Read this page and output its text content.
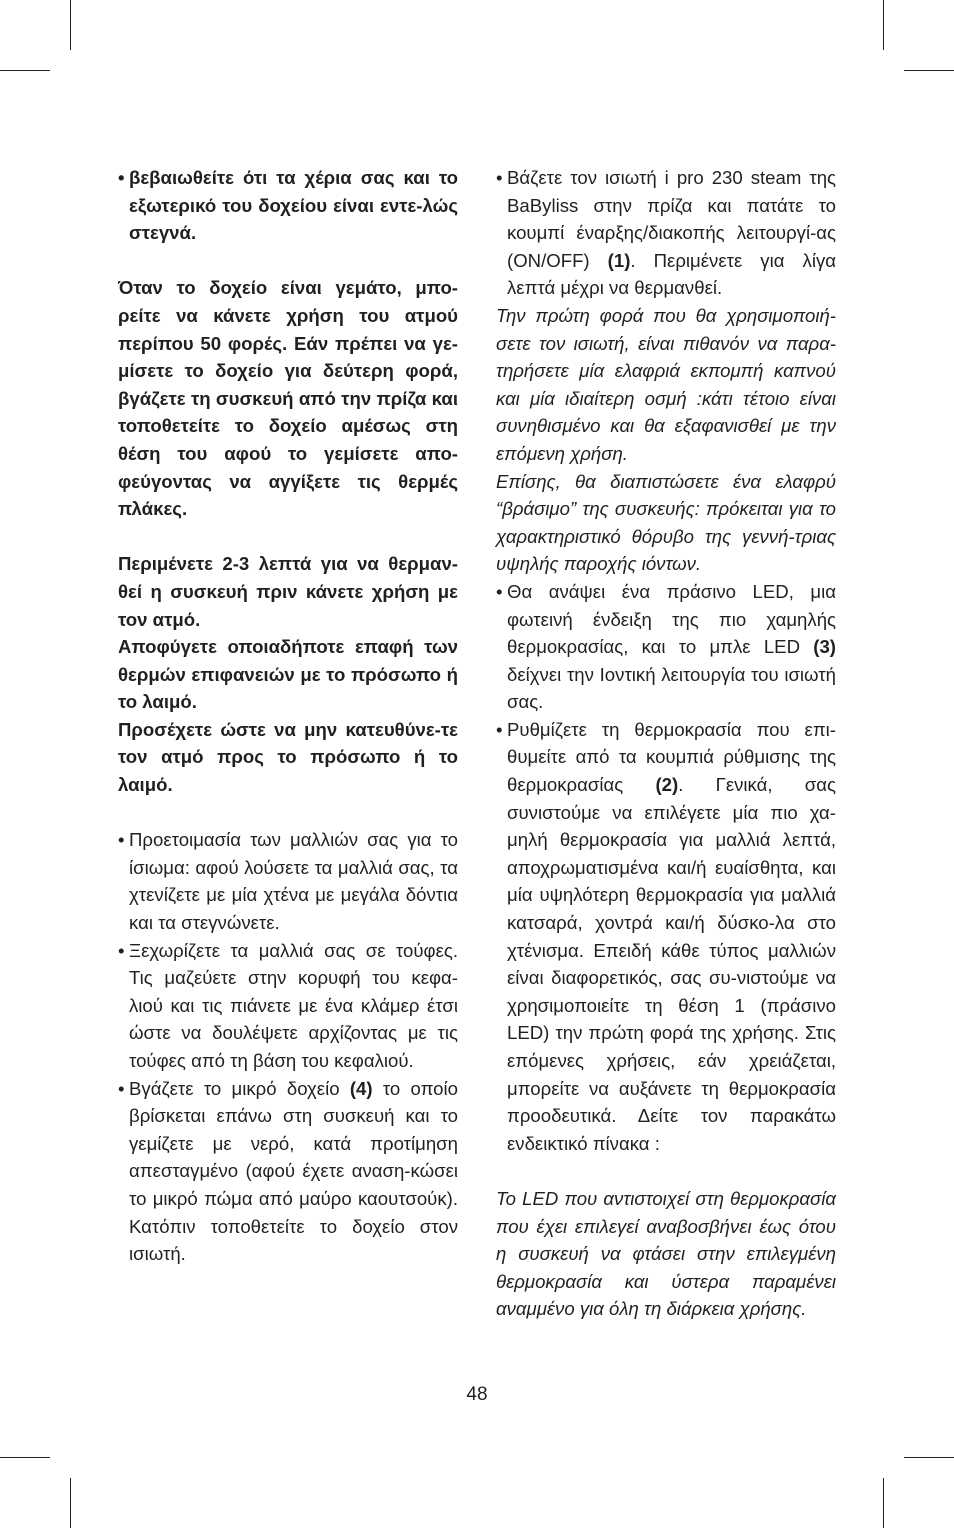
• βεβαιωθείτε ότι τα χέρια σας και το εξωτερικό του δοχείου είναι εντε-λώς στεγνά.

Όταν το δοχείο είναι γεμάτο, μπο-ρείτε να κάνετε χρήση του ατμού περίπου 50 φορές. Εάν πρέπει να γε-μίσετε το δοχείο για δεύτερη φορά, βγάζετε τη συσκευή από την πρίζα και τοποθετείτε το δοχείο αμέσως στη θέση του αφού το γεμίσετε απο-φεύγοντας να αγγίξετε τις θερμές πλάκες.

Περιμένετε 2-3 λεπτά για να θερμαν-θεί η συσκευή πριν κάνετε χρήση με τον ατμό.

Αποφύγετε οποιαδήποτε επαφή των θερμών επιφανειών με το πρόσωπο ή το λαιμό.

Προσέχετε ώστε να μην κατευθύνε-τε τον ατμό προς το πρόσωπο ή το λαιμό.

• Προετοιμασία των μαλλιών σας για το ίσιωμα: αφού λούσετε τα μαλλιά σας, τα χτενίζετε με μία χτένα με μεγάλα δόντια και τα στεγνώνετε.

• Ξεχωρίζετε τα μαλλιά σας σε τούφες. Τις μαζεύετε στην κορυφή του κεφα-λιού και τις πιάνετε με ένα κλάμερ έτσι ώστε να δουλέψετε αρχίζοντας με τις τούφες από τη βάση του κεφαλιού.

• Βγάζετε το μικρό δοχείο (4) το οποίο βρίσκεται επάνω στη συσκευή και το γεμίζετε με νερό, κατά προτίμηση απεσταγμένο (αφού έχετε αναση-κώσει το μικρό πώμα από μαύρο καουτσούκ). Κατόπιν τοποθετείτε το δοχείο στον ισιωτή.

• Βάζετε τον ισιωτή i pro 230 steam της BaByliss στην πρίζα και πατάτε το κουμπί έναρξης/διακοπής λειτουργί-ας (ON/OFF) (1). Περιμένετε για λίγα λεπτά μέχρι να θερμανθεί.

Την πρώτη φορά που θα χρησιμοποιή-σετε τον ισιωτή, είναι πιθανόν να παρα-τηρήσετε μία ελαφριά εκπομπή καπνού και μία ιδιαίτερη οσμή :κάτι τέτοιο είναι συνηθισμένο και θα εξαφανισθεί με την επόμενη χρήση.

Επίσης, θα διαπιστώσετε ένα ελαφρύ “βράσιμο” της συσκευής: πρόκειται για το χαρακτηριστικό θόρυβο της γεννή-τριας υψηλής παροχής ιόντων.

• Θα ανάψει ένα πράσινο LED, μια φωτεινή ένδειξη της πιο χαμηλής θερμοκρασίας, και το μπλε LED (3) δείχνει την Ιοντική λειτουργία του ισιωτή σας.

• Ρυθμίζετε τη θερμοκρασία που επι-θυμείτε από τα κουμπιά ρύθμισης της θερμοκρασίας (2). Γενικά, σας συνιστούμε να επιλέγετε μία πιο χα-μηλή θερμοκρασία για μαλλιά λεπτά, αποχρωματισμένα και/ή ευαίσθητα, και μία υψηλότερη θερμοκρασία για μαλλιά κατσαρά, χοντρά και/ή δύσκο-λα στο χτένισμα. Επειδή κάθε τύπος μαλλιών είναι διαφορετικός, σας συ-νιστούμε να χρησιμοποιείτε τη θέση 1 (πράσινο LED) την πρώτη φορά της χρήσης. Στις επόμενες χρήσεις, εάν χρειάζεται, μπορείτε να αυξάνετε τη θερμοκρασία προοδευτικά. Δείτε τον παρακάτω ενδεικτικό πίνακα :

Το LED που αντιστοιχεί στη θερμοκρασία που έχει επιλεγεί αναβοσβήνει έως ότου η συσκευή να φτάσει στην επιλεγμένη θερμοκρασία και ύστερα παραμένει αναμμένο για όλη τη διάρκεια χρήσης.

48
